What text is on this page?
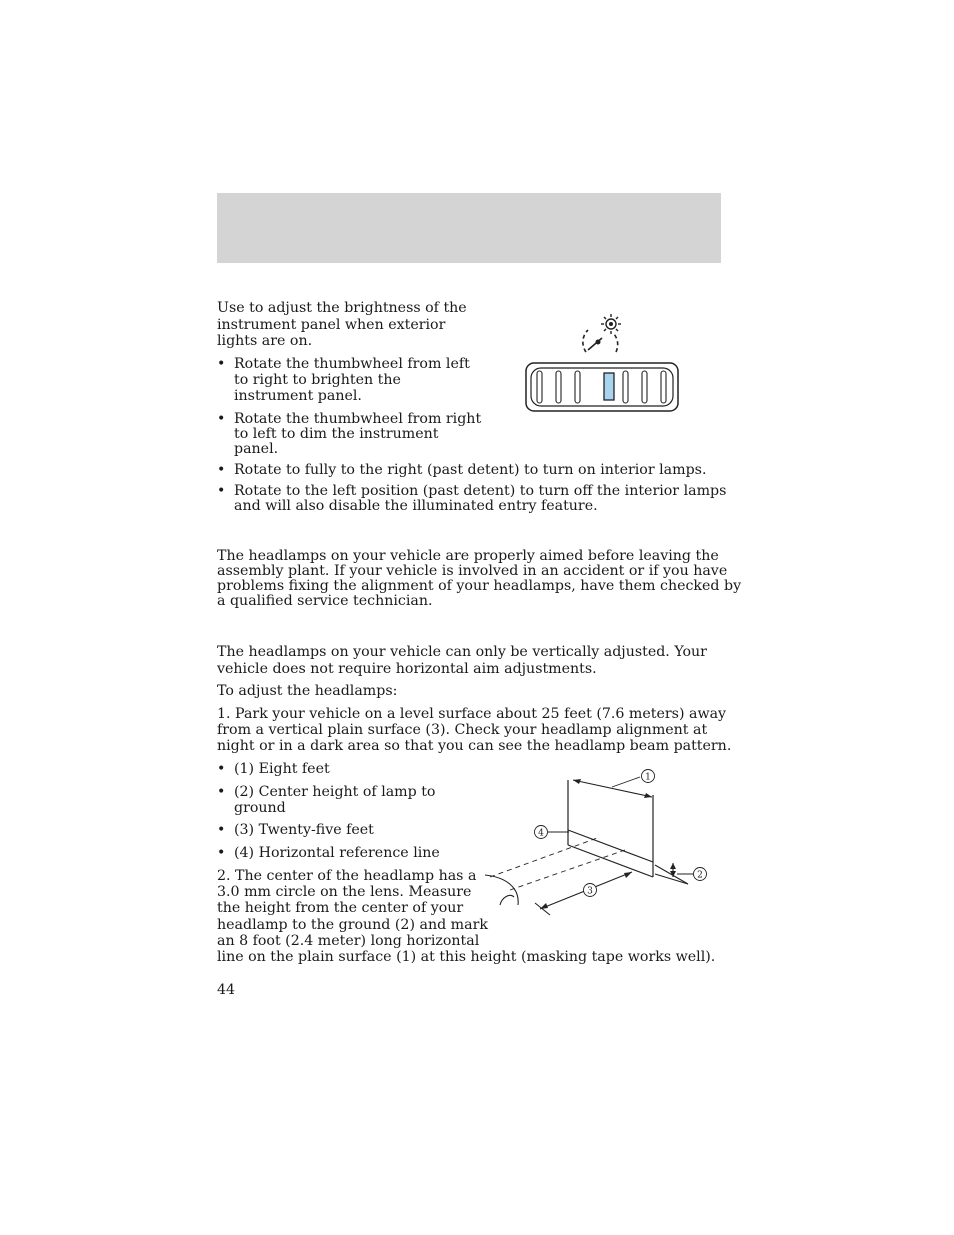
Use to adjust the brightness of the

instrument panel when exterior

lights are on.

• Rotate the thumbwheel from left
to right to brighten the
instrument panel.
• Rotate the thumbwheel from right
to left to dim the instrument
panel.
• Rotate to fully to the right (past detent) to turn on interior lamps.
• Rotate to the left position (past detent) to turn off the interior lamps
and will also disable the illuminated entry feature.

The headlamps on your vehicle are properly aimed before leaving the

assembly plant. If your vehicle is involved in an accident or if you have

problems fixing the alignment of your headlamps, have them checked by

a qualified service technician.

The headlamps on your vehicle can only be vertically adjusted. Your

vehicle does not require horizontal aim adjustments.

To adjust the headlamps:

1. Park your vehicle on a level surface about 25 feet (7.6 meters) away

from a vertical plain surface (3). Check your headlamp alignment at

night or in a dark area so that you can see the headlamp beam pattern.

• (1) Eight feet
• (2) Center height of lamp to
ground
• (3) Twenty-five feet
• (4) Horizontal reference line

2. The center of the headlamp has a

3.0 mm circle on the lens. Measure

the height from the center of your

headlamp to the ground (2) and mark

an 8 foot (2.4 meter) long horizontal

line on the plain surface (1) at this height (masking tape works well).

1
2
3
4
44
